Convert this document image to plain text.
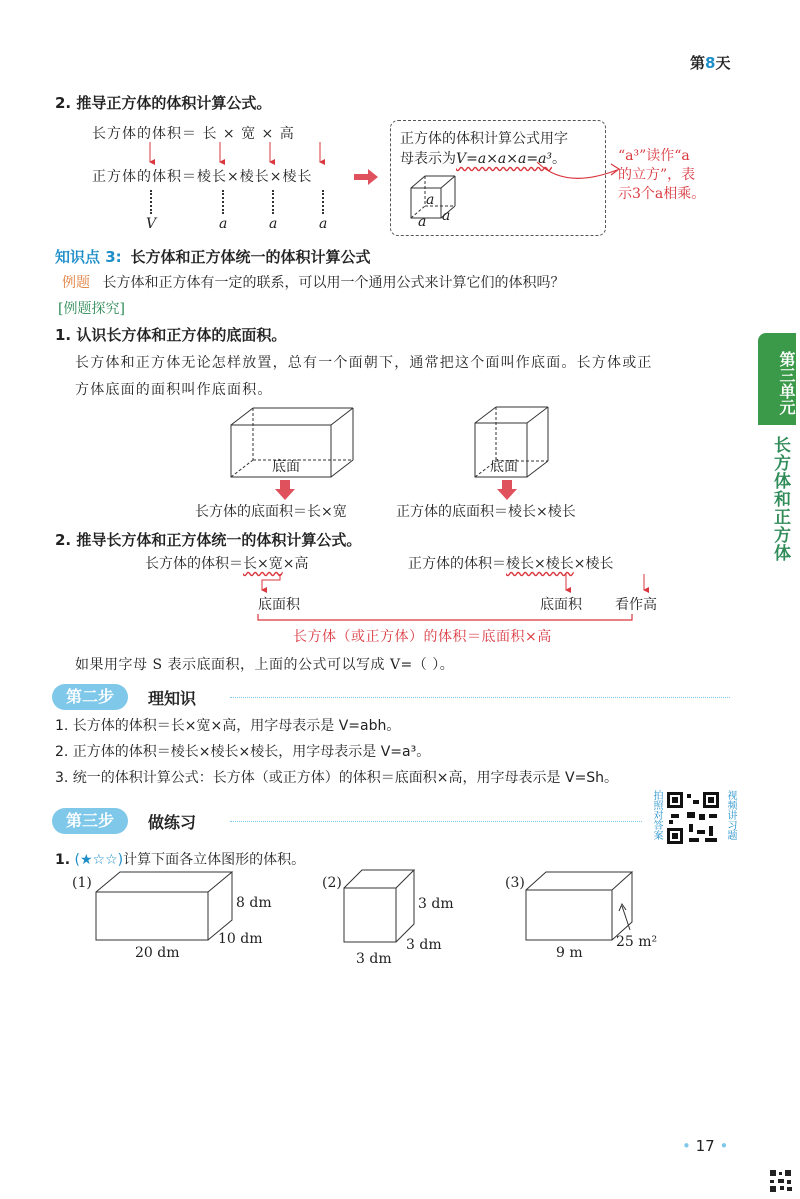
第8天
第三单元
长方体和正方体
2. 推导正方体的体积计算公式。
长方体的体积＝ 长 × 宽 × 高
正方体的体积＝棱长×棱长×棱长
V	a	a	a
正方体的体积计算公式用字
母表示为V=a×a×a=a³。
a
a a
“a³”读作“a
的立方”，表
示3个a相乘。
知识点 3: 长方体和正方体统一的体积计算公式
例题 长方体和正方体有一定的联系，可以用一个通用公式来计算它们的体积吗？
[例题探究]
1. 认识长方体和正方体的底面积。
长方体和正方体无论怎样放置，总有一个面朝下，通常把这个面叫作底面。长方体或正
方体底面的面积叫作底面积。
底面	底面
长方体的底面积＝长×宽	正方体的底面积＝棱长×棱长
2. 推导长方体和正方体统一的体积计算公式。
长方体的体积＝长×宽×高	正方体的体积＝棱长×棱长×棱长
底面积	底面积 看作高
长方体（或正方体）的体积＝底面积×高
如果用字母 S 表示底面积，上面的公式可以写成 V=（ ）。
第二步	理知识
1. 长方体的体积＝长×宽×高，用字母表示是 V=abh。
2. 正方体的体积＝棱长×棱长×棱长，用字母表示是 V=a³。
3. 统一的体积计算公式：长方体（或正方体）的体积＝底面积×高，用字母表示是 V=Sh。
第三步	做练习	拍照对答案	视频讲习题
1. (★☆☆)计算下面各立体图形的体积。
(1)
8 dm
10 dm
20 dm
(2)
3 dm
3 dm
3 dm
(3)
25 m²
9 m
• 17 •
